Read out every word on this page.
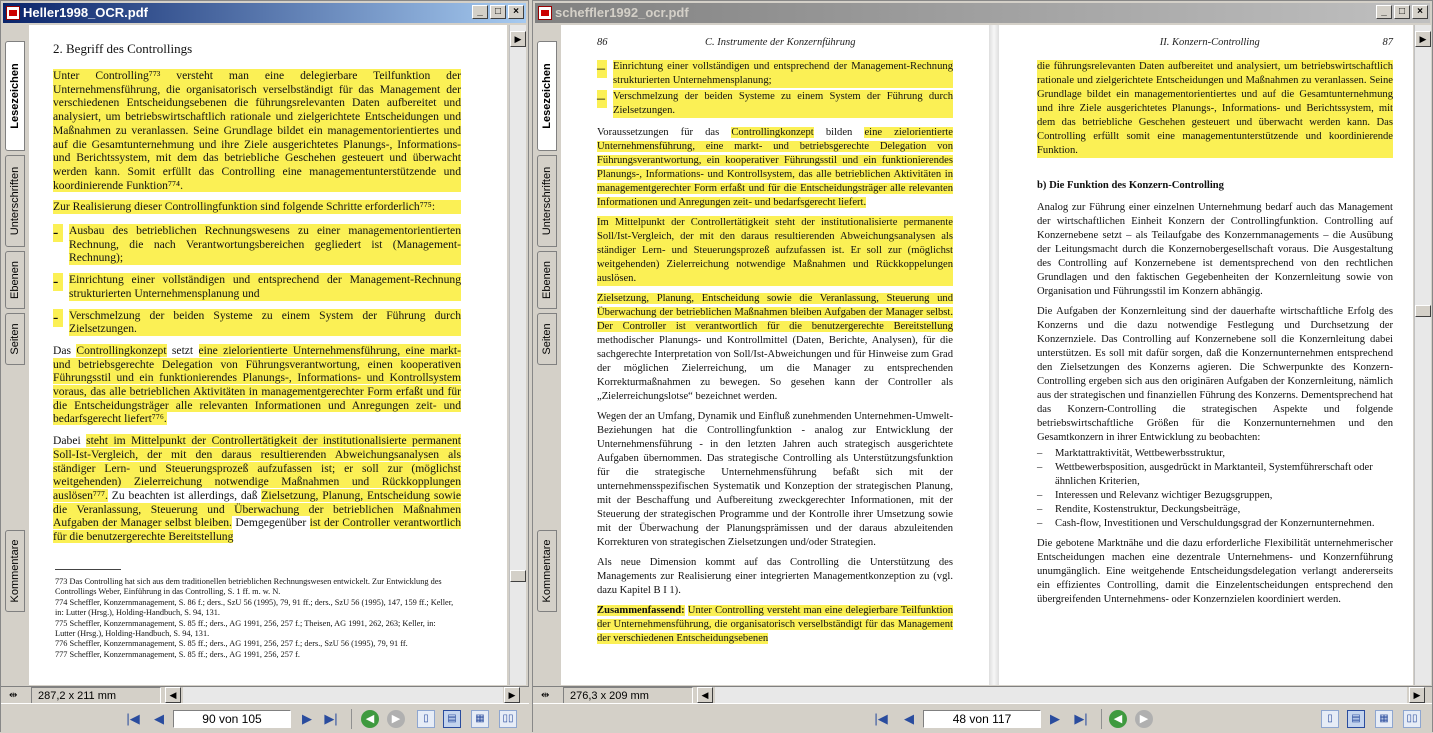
Heller1998_OCR.pdf	_	□	×
Lesezeichen
Unterschriften
Ebenen
Seiten
Kommentare
2. Begriff des Controllings
Unter Controlling⁷⁷³ versteht man eine delegierbare Teilfunktion der Unternehmensführung, die organisatorisch verselbständigt für das Management der verschiedenen Entscheidungsebenen die führungsrelevanten Daten aufbereitet und analysiert, um betriebswirtschaftlich rationale und zielgerichtete Entscheidungen und Maßnahmen zu veranlassen. Seine Grundlage bildet ein managementorientiertes und auf die Gesamtunternehmung und ihre Ziele ausgerichtetes Planungs-, Informations- und Berichtssystem, mit dem das betriebliche Geschehen gesteuert und überwacht werden kann. Somit erfüllt das Controlling eine managementunterstützende und koordinierende Funktion⁷⁷⁴.
Zur Realisierung dieser Controllingfunktion sind folgende Schritte erforderlich⁷⁷⁵:
- Ausbau des betrieblichen Rechnungswesens zu einer managementorientierten Rechnung, die nach Verantwortungsbereichen gegliedert ist (Management-Rechnung);
- Einrichtung einer vollständigen und entsprechend der Management-Rechnung strukturierten Unternehmensplanung und
- Verschmelzung der beiden Systeme zu einem System der Führung durch Zielsetzungen.
Das Controllingkonzept setzt eine zielorientierte Unternehmensführung, eine markt- und betriebsgerechte Delegation von Führungsverantwortung, einen kooperativen Führungsstil und ein funktionierendes Planungs-, Informations- und Kontrollsystem voraus, das alle betrieblichen Aktivitäten in managementgerechter Form erfaßt und für die Entscheidungsträger alle relevanten Informationen und Anregungen zeit- und bedarfsgerecht liefert⁷⁷⁶.
Dabei steht im Mittelpunkt der Controllertätigkeit der institutionalisierte permanent Soll-Ist-Vergleich, der mit den daraus resultierenden Abweichungsanalysen als ständiger Lern- und Steuerungsprozeß aufzufassen ist; er soll zur (möglichst weitgehenden) Zielerreichung notwendige Maßnahmen und Rückkopplungen auslösen⁷⁷⁷. Zu beachten ist allerdings, daß Zielsetzung, Planung, Entscheidung sowie die Veranlassung, Steuerung und Überwachung der betrieblichen Maßnahmen Aufgaben der Manager selbst bleiben. Demgegenüber ist der Controller verantwortlich für die benutzergerechte Bereitstellung
773 Das Controlling hat sich aus dem traditionellen betrieblichen Rechnungswesen entwickelt. Zur Entwicklung des Controllings Weber, Einführung in das Controlling, S. 1 ff. m. w. N.
774 Scheffler, Konzernmanagement, S. 86 f.; ders., SzU 56 (1995), 79, 91 ff.; ders., SzU 56 (1995), 147, 159 ff.; Keller, in: Lutter (Hrsg.), Holding-Handbuch, S. 94, 131.
775 Scheffler, Konzernmanagement, S. 85 ff.; ders., AG 1991, 256, 257 f.; Theisen, AG 1991, 262, 263; Keller, in: Lutter (Hrsg.), Holding-Handbuch, S. 94, 131.
776 Scheffler, Konzernmanagement, S. 85 ff.; ders., AG 1991, 256, 257 f.; ders., SzU 56 (1995), 79, 91 ff.
777 Scheffler, Konzernmanagement, S. 85 ff.; ders., AG 1991, 256, 257 f.
▶
⇹	287,2 x 211 mm	◀	▶
|◀	◀	90 von 105	▶ ▶|	◀	▶	▯	▤	▦	▯▯
scheffler1992_ocr.pdf	_	□	×
Lesezeichen
Unterschriften
Ebenen
Seiten
Kommentare
86	C. Instrumente der Konzernführung
– Einrichtung einer vollständigen und entsprechend der Management-Rechnung strukturierten Unternehmensplanung;
– Verschmelzung der beiden Systeme zu einem System der Führung durch Zielsetzungen.
Voraussetzungen für das Controllingkonzept bilden eine zielorientierte Unternehmensführung, eine markt- und betriebsgerechte Delegation von Führungsverantwortung, ein kooperativer Führungsstil und ein funktionierendes Planungs-, Informations- und Kontrollsystem, das alle betrieblichen Aktivitäten in managementgerechter Form erfaßt und für die Entscheidungsträger alle relevanten Informationen und Anregungen zeit- und bedarfsgerecht liefert.
Im Mittelpunkt der Controllertätigkeit steht der institutionalisierte permanente Soll/Ist-Vergleich, der mit den daraus resultierenden Abweichungsanalysen als ständiger Lern- und Steuerungsprozeß aufzufassen ist. Er soll zur (möglichst weitgehenden) Zielerreichung notwendige Maßnahmen und Rückkoppelungen auslösen.
Zielsetzung, Planung, Entscheidung sowie die Veranlassung, Steuerung und Überwachung der betrieblichen Maßnahmen bleiben Aufgaben der Manager selbst. Der Controller ist verantwortlich für die benutzergerechte Bereitstellung methodischer Planungs- und Kontrollmittel (Daten, Berichte, Analysen), für die sachgerechte Interpretation von Soll/Ist-Abweichungen und für Hinweise zum Grad der möglichen Zielerreichung, um die Manager zu entsprechenden Korrekturmaßnahmen zu bewegen. So gesehen kann der Controller als „Zielerreichungslotse“ bezeichnet werden.
Wegen der an Umfang, Dynamik und Einfluß zunehmenden Unternehmen-Umwelt-Beziehungen hat die Controllingfunktion - analog zur Entwicklung der Unternehmensführung - in den letzten Jahren auch strategisch ausgerichtete Aufgaben übernommen. Das strategische Controlling als Unterstützungsfunktion für die strategische Unternehmensführung befaßt sich mit der unternehmensspezifischen Systematik und Konzeption der strategischen Planung, mit der Beschaffung und Aufbereitung zweckgerechter Informationen, mit der Steuerung der strategischen Programme und der Kontrolle ihrer Umsetzung sowie mit der Überwachung der Planungsprämissen und der daraus abzuleitenden Korrekturen von strategischen Zielsetzungen und/oder Strategien.
Als neue Dimension kommt auf das Controlling die Unterstützung des Managements zur Realisierung einer integrierten Managementkonzeption zu (vgl. dazu Kapitel B I 1).
Zusammenfassend: Unter Controlling versteht man eine delegierbare Teilfunktion der Unternehmensführung, die organisatorisch verselbständigt für das Management der verschiedenen Entscheidungsebenen
II. Konzern-Controlling	87
die führungsrelevanten Daten aufbereitet und analysiert, um betriebswirtschaftlich rationale und zielgerichtete Entscheidungen und Maßnahmen zu veranlassen. Seine Grundlage bildet ein managementorientiertes und auf die Gesamtunternehmung und ihre Ziele ausgerichtetes Planungs-, Informations- und Berichtssystem, mit dem das betriebliche Geschehen gesteuert und überwacht werden kann. Das Controlling erfüllt somit eine managementunterstützende und koordinierende Funktion.
b) Die Funktion des Konzern-Controlling
Analog zur Führung einer einzelnen Unternehmung bedarf auch das Management der wirtschaftlichen Einheit Konzern der Controllingfunktion. Controlling auf Konzernebene setzt – als Teilaufgabe des Konzernmanagements – die Ausübung der Leitungsmacht durch die Konzernobergesellschaft voraus. Die Ausgestaltung des Controlling auf Konzernebene ist dementsprechend von den rechtlichen Grundlagen und den faktischen Gegebenheiten der Konzernleitung sowie von Organisation und Führungsstil im Konzern abhängig.
Die Aufgaben der Konzernleitung sind der dauerhafte wirtschaftliche Erfolg des Konzerns und die dazu notwendige Festlegung und Durchsetzung der Konzernziele. Das Controlling auf Konzernebene soll die Konzernleitung dabei unterstützen. Es soll mit dafür sorgen, daß die Konzernunternehmen entsprechend den Zielsetzungen des Konzerns agieren. Die Schwerpunkte des Konzern-Controlling ergeben sich aus den originären Aufgaben der Konzernleitung, nämlich aus der strategischen und finanziellen Führung des Konzerns. Dementsprechend hat das Konzern-Controlling die strategischen Aspekte und folgende betriebswirtschaftliche Größen für die Konzernunternehmen und den Gesamtkonzern in ihrer Entwicklung zu beobachten:
–	Marktattraktivität, Wettbewerbsstruktur,
–	Wettbewerbsposition, ausgedrückt in Marktanteil, Systemführerschaft oder ähnlichen Kriterien,
–	Interessen und Relevanz wichtiger Bezugsgruppen,
–	Rendite, Kostenstruktur, Deckungsbeiträge,
–	Cash-flow, Investitionen und Verschuldungsgrad der Konzernunternehmen.
Die gebotene Marktnähe und die dazu erforderliche Flexibilität unternehmerischer Entscheidungen machen eine dezentrale Unternehmens- und Konzernführung unumgänglich. Eine weitgehende Entscheidungsdelegation verlangt andererseits ein effizientes Controlling, damit die Einzelentscheidungen entsprechend den übergreifenden Unternehmens- oder Konzernzielen koordiniert werden.
▶
⇹	276,3 x 209 mm	◀	▶
|◀	◀	48 von 117	▶	▶|	◀	▶	▯	▤	▦	▯▯
